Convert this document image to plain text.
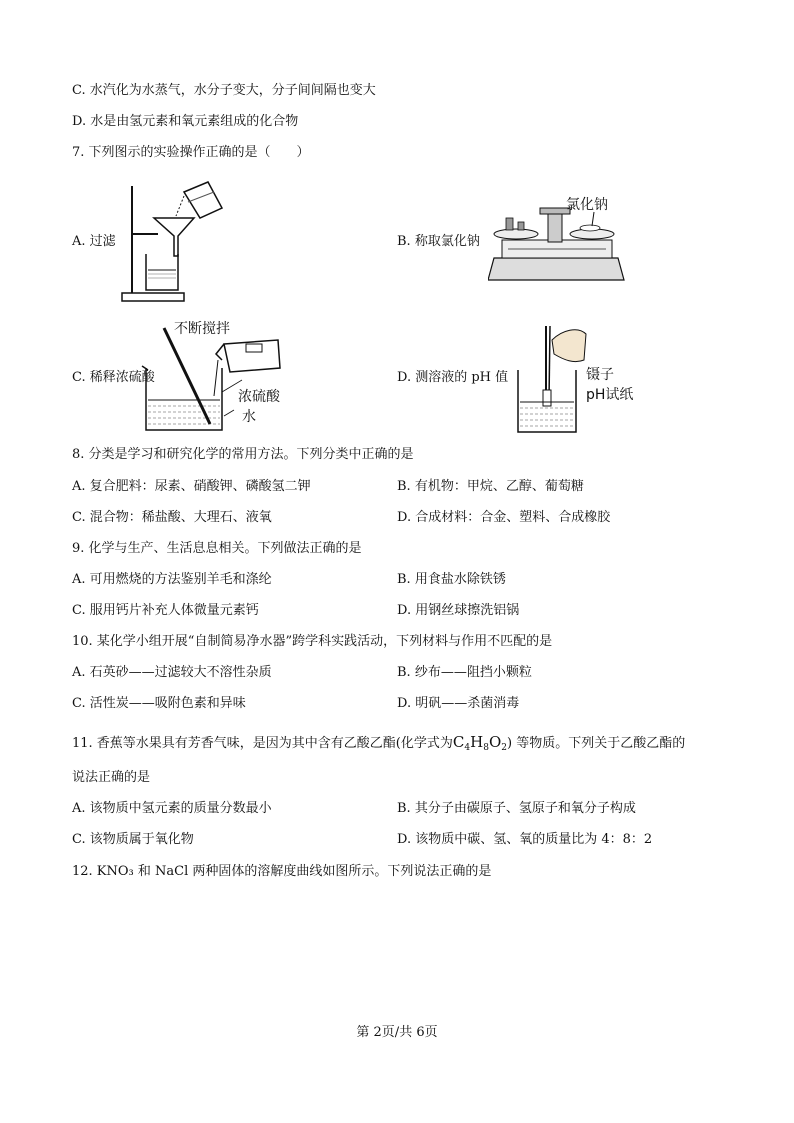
C. 水汽化为水蒸气，水分子变大，分子间间隔也变大
D. 水是由氢元素和氧元素组成的化合物
7. 下列图示的实验操作正确的是（　　）
A. 过滤	B. 称取氯化钠
氯化钠
C. 稀释浓硫酸
不断搅拌
浓硫酸
水
D. 测溶液的 pH 值	镊子
pH试纸
8. 分类是学习和研究化学的常用方法。下列分类中正确的是
A. 复合肥料：尿素、硝酸钾、磷酸氢二钾	B. 有机物：甲烷、乙醇、葡萄糖
C. 混合物：稀盐酸、大理石、液氧	D. 合成材料：合金、塑料、合成橡胶
9. 化学与生产、生活息息相关。下列做法正确的是
A. 可用燃烧的方法鉴别羊毛和涤纶	B. 用食盐水除铁锈
C. 服用钙片补充人体微量元素钙	D. 用钢丝球擦洗铝锅
10. 某化学小组开展“自制简易净水器”跨学科实践活动，下列材料与作用不匹配的是
A. 石英砂——过滤较大不溶性杂质	B. 纱布——阻挡小颗粒
C. 活性炭——吸附色素和异味	D. 明矾——杀菌消毒
11. 香蕉等水果具有芳香气味，是因为其中含有乙酸乙酯(化学式为$C_4H_8O_2$) 等物质。下列关于乙酸乙酯的
说法正确的是
A. 该物质中氢元素的质量分数最小	B. 其分子由碳原子、氢原子和氧分子构成
C. 该物质属于氧化物	D. 该物质中碳、氢、氧的质量比为 4：8：2
12. KNO₃ 和 NaCl 两种固体的溶解度曲线如图所示。下列说法正确的是
第 2页/共 6页
